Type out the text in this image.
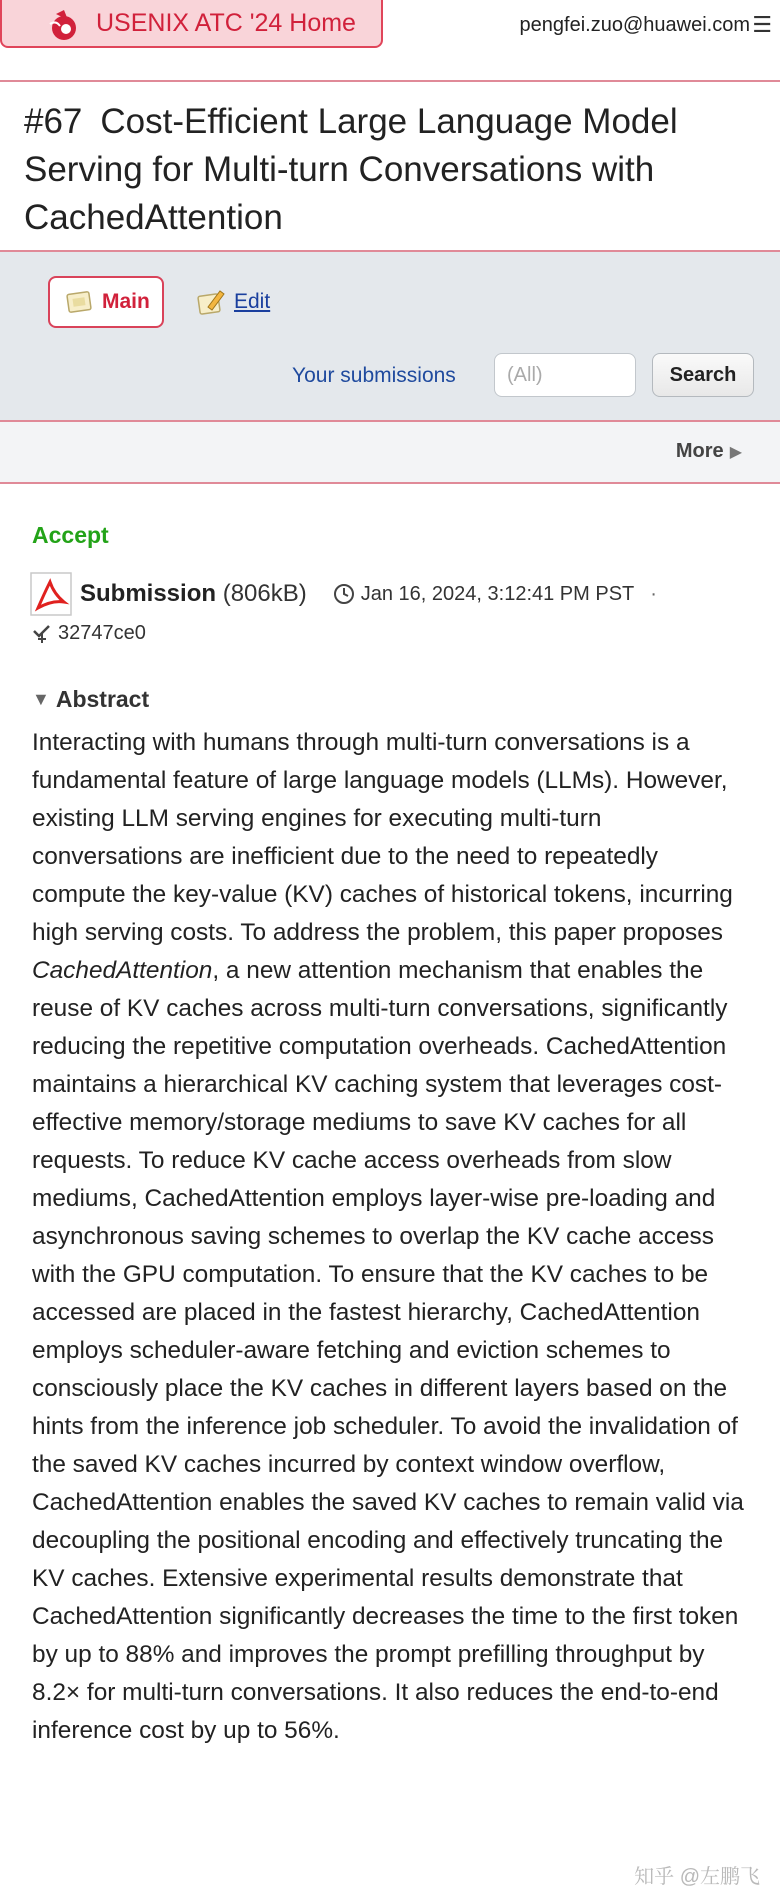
USENIX ATC '24 Home	pengfei.zuo@huawei.com ☰
#67 Cost-Efficient Large Language Model Serving for Multi-turn Conversations with CachedAttention
Main	Edit
Your submissions
(All)	Search
More ▶
Accept
Submission (806kB)	Jan 16, 2024, 3:12:41 PM PST ·
32747ce0
▼ Abstract

Interacting with humans through multi-turn conversations is a fundamental feature of large language models (LLMs). However, existing LLM serving engines for executing multi-turn conversations are inefficient due to the need to repeatedly compute the key-value (KV) caches of historical tokens, incurring high serving costs. To address the problem, this paper proposes CachedAttention, a new attention mechanism that enables the reuse of KV caches across multi-turn conversations, significantly reducing the repetitive computation overheads. CachedAttention maintains a hierarchical KV caching system that leverages cost-effective memory/storage mediums to save KV caches for all requests. To reduce KV cache access overheads from slow mediums, CachedAttention employs layer-wise pre-loading and asynchronous saving schemes to overlap the KV cache access with the GPU computation. To ensure that the KV caches to be accessed are placed in the fastest hierarchy, CachedAttention employs scheduler-aware fetching and eviction schemes to consciously place the KV caches in different layers based on the hints from the inference job scheduler. To avoid the invalidation of the saved KV caches incurred by context window overflow, CachedAttention enables the saved KV caches to remain valid via decoupling the positional encoding and effectively truncating the KV caches. Extensive experimental results demonstrate that CachedAttention significantly decreases the time to the first token by up to 88% and improves the prompt prefilling throughput by 8.2× for multi-turn conversations. It also reduces the end-to-end inference cost by up to 56%.

知乎 @左鹏飞
